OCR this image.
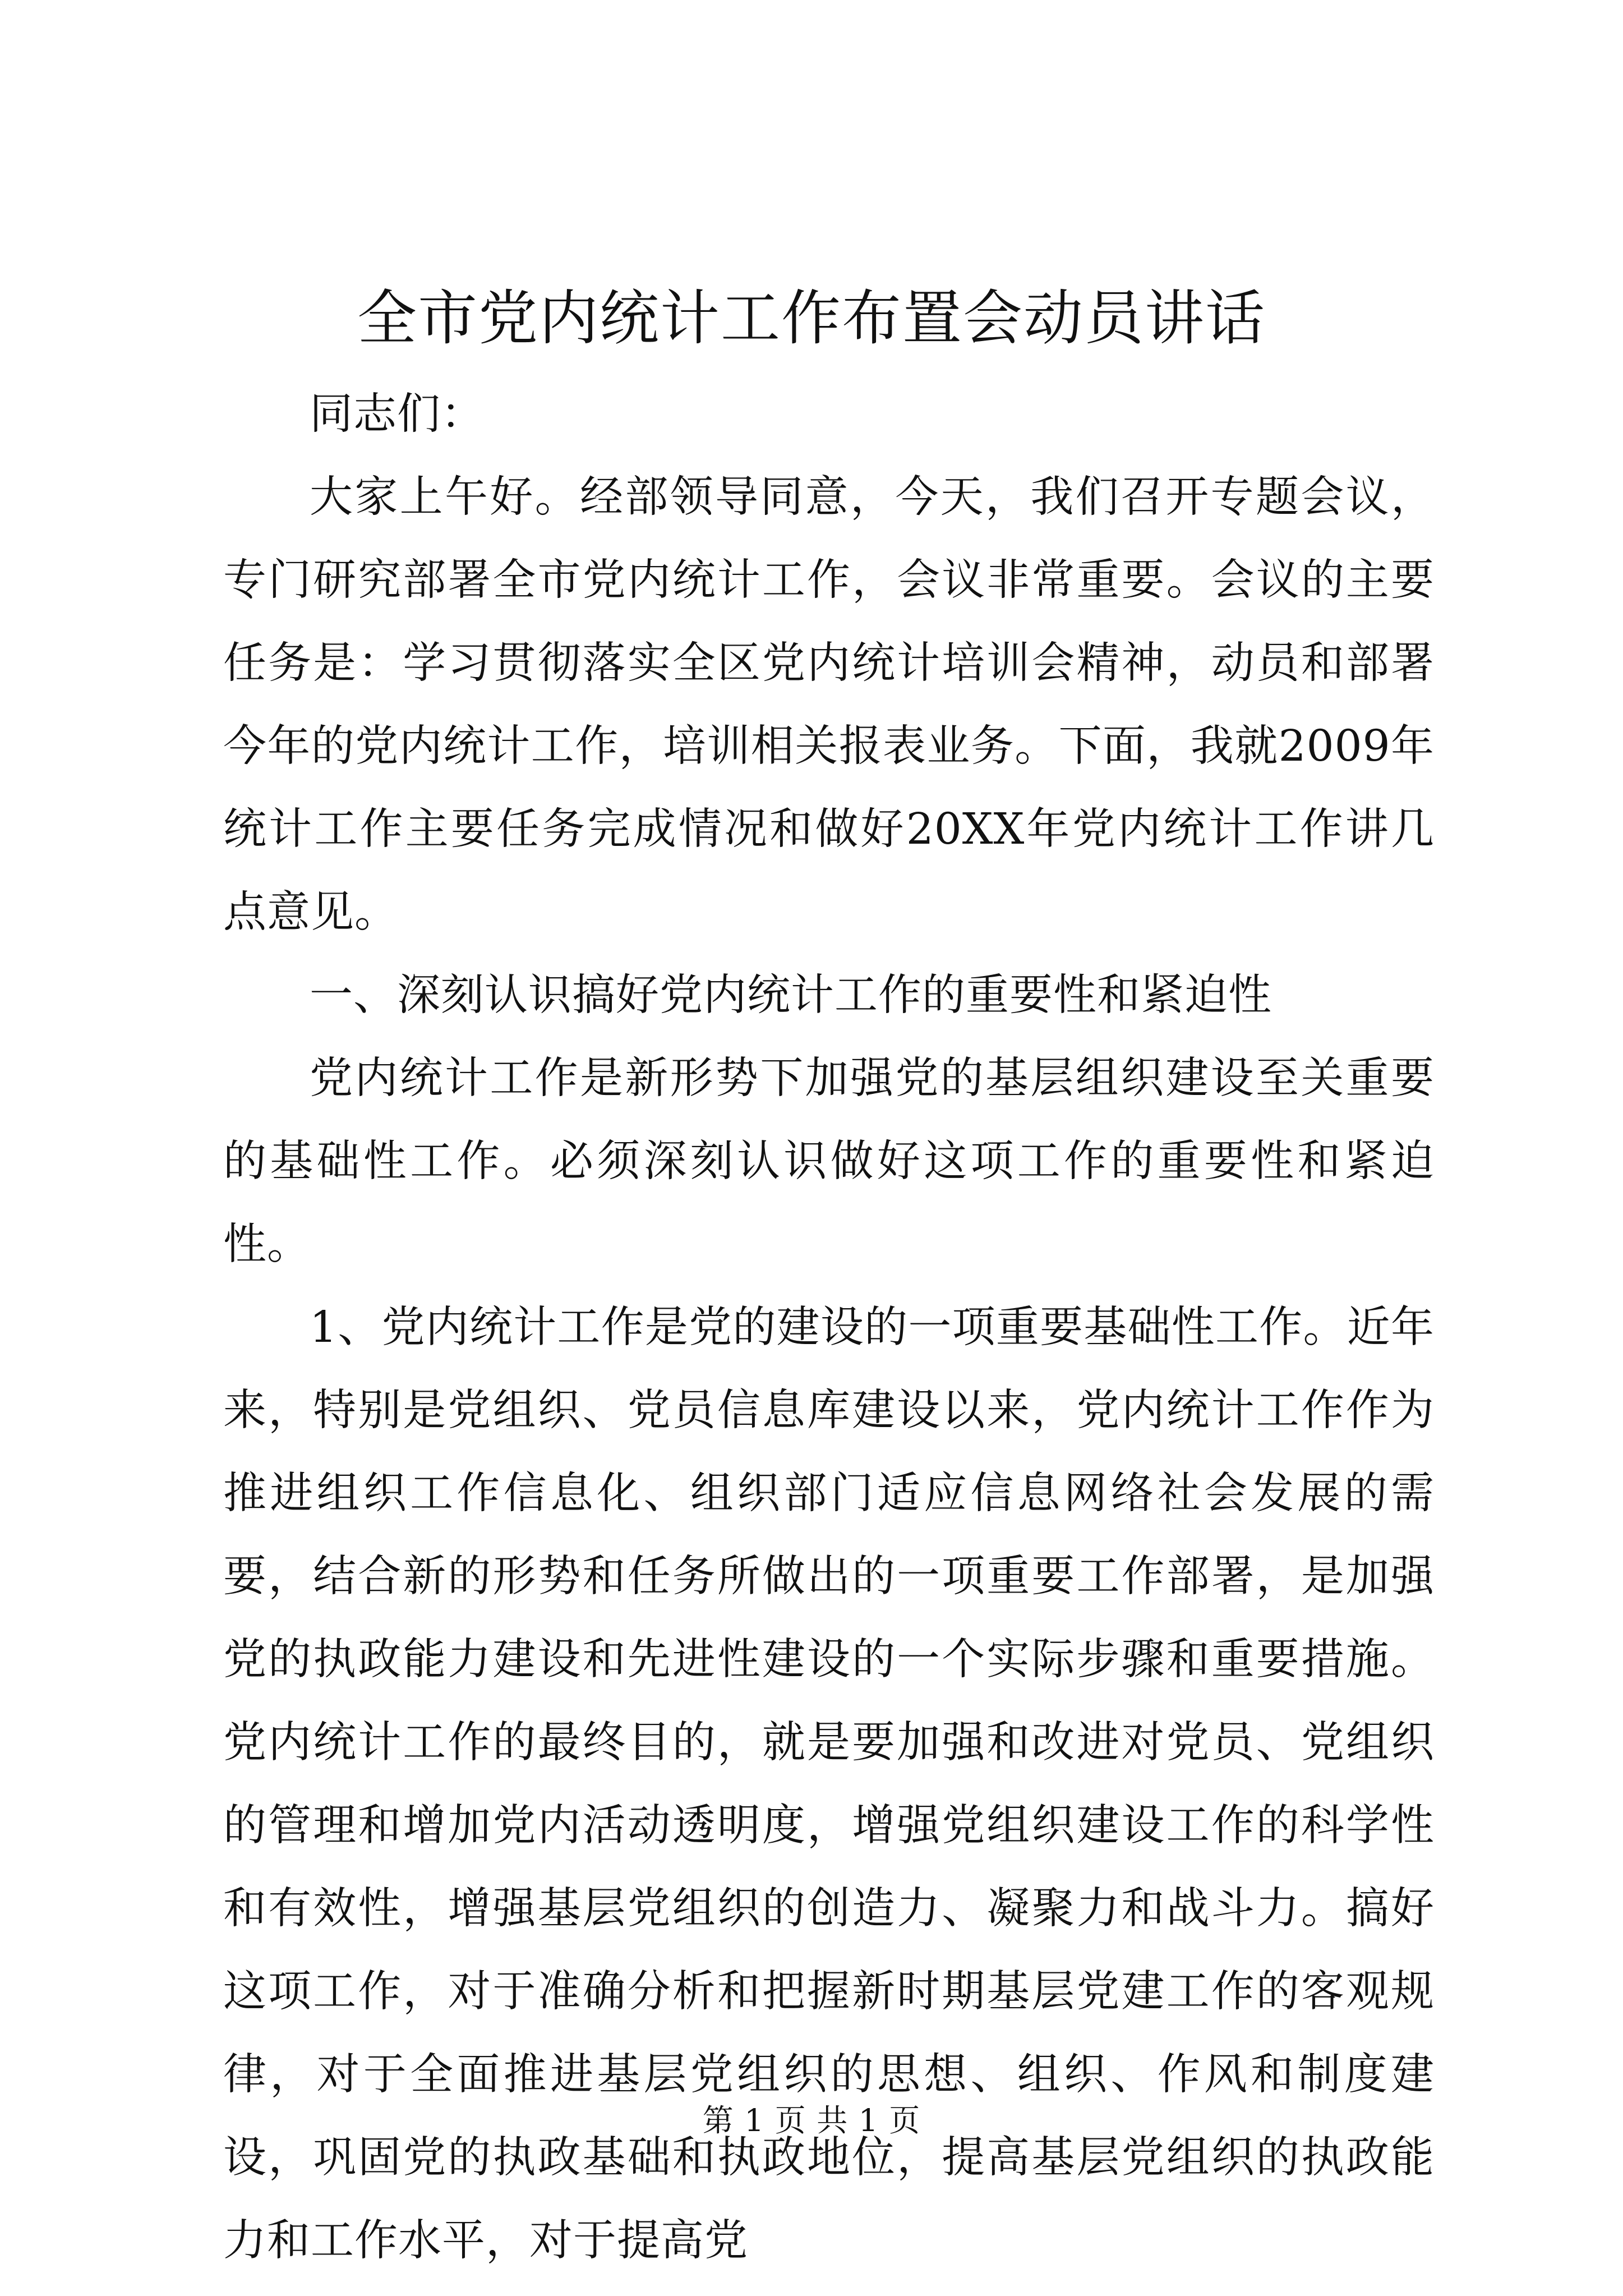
全市党内统计工作布置会动员讲话

同志们：

大家上午好。经部领导同意，今天，我们召开专题会议，专门研究部署全市党内统计工作，会议非常重要。会议的主要任务是：学习贯彻落实全区党内统计培训会精神，动员和部署今年的党内统计工作，培训相关报表业务。下面，我就2009年统计工作主要任务完成情况和做好20XX年党内统计工作讲几点意见。

一、深刻认识搞好党内统计工作的重要性和紧迫性

党内统计工作是新形势下加强党的基层组织建设至关重要的基础性工作。必须深刻认识做好这项工作的重要性和紧迫性。

1、党内统计工作是党的建设的一项重要基础性工作。近年来，特别是党组织、党员信息库建设以来，党内统计工作作为推进组织工作信息化、组织部门适应信息网络社会发展的需要，结合新的形势和任务所做出的一项重要工作部署，是加强党的执政能力建设和先进性建设的一个实际步骤和重要措施。党内统计工作的最终目的，就是要加强和改进对党员、党组织的管理和增加党内活动透明度，增强党组织建设工作的科学性和有效性，增强基层党组织的创造力、凝聚力和战斗力。搞好这项工作，对于准确分析和把握新时期基层党建工作的客观规律，对于全面推进基层党组织的思想、组织、作风和制度建设，巩固党的执政基础和执政地位，提高基层党组织的执政能力和工作水平，对于提高党

第 1 页 共 1 页
